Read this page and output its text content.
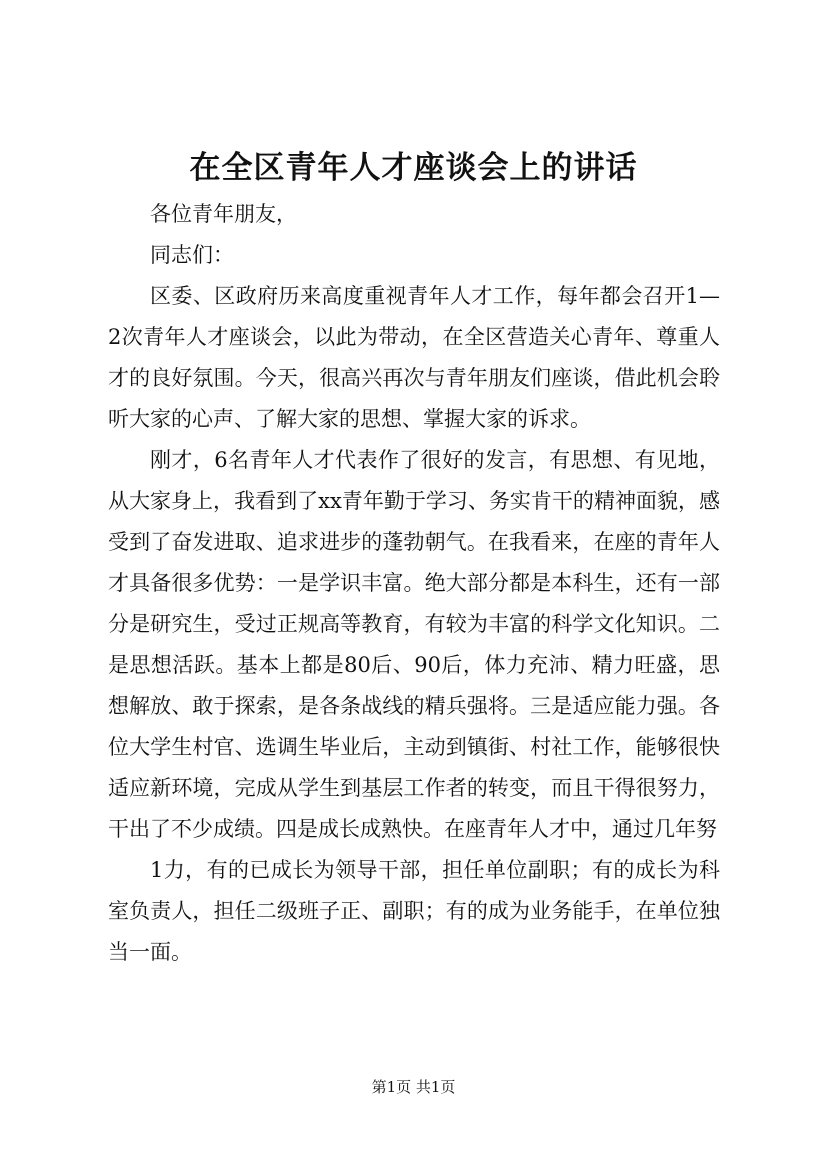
在全区青年人才座谈会上的讲话

各位青年朋友，

同志们：

区委、区政府历来高度重视青年人才工作，每年都会召开1—2次青年人才座谈会，以此为带动，在全区营造关心青年、尊重人才的良好氛围。今天，很高兴再次与青年朋友们座谈，借此机会聆听大家的心声、了解大家的思想、掌握大家的诉求。

刚才，6名青年人才代表作了很好的发言，有思想、有见地，从大家身上，我看到了xx青年勤于学习、务实肯干的精神面貌，感受到了奋发进取、追求进步的蓬勃朝气。在我看来，在座的青年人才具备很多优势：一是学识丰富。绝大部分都是本科生，还有一部分是研究生，受过正规高等教育，有较为丰富的科学文化知识。二是思想活跃。基本上都是80后、90后，体力充沛、精力旺盛，思想解放、敢于探索，是各条战线的精兵强将。三是适应能力强。各位大学生村官、选调生毕业后，主动到镇街、村社工作，能够很快适应新环境，完成从学生到基层工作者的转变，而且干得很努力，干出了不少成绩。四是成长成熟快。在座青年人才中，通过几年努

1力，有的已成长为领导干部，担任单位副职；有的成长为科室负责人，担任二级班子正、副职；有的成为业务能手，在单位独当一面。

第1页 共1页
